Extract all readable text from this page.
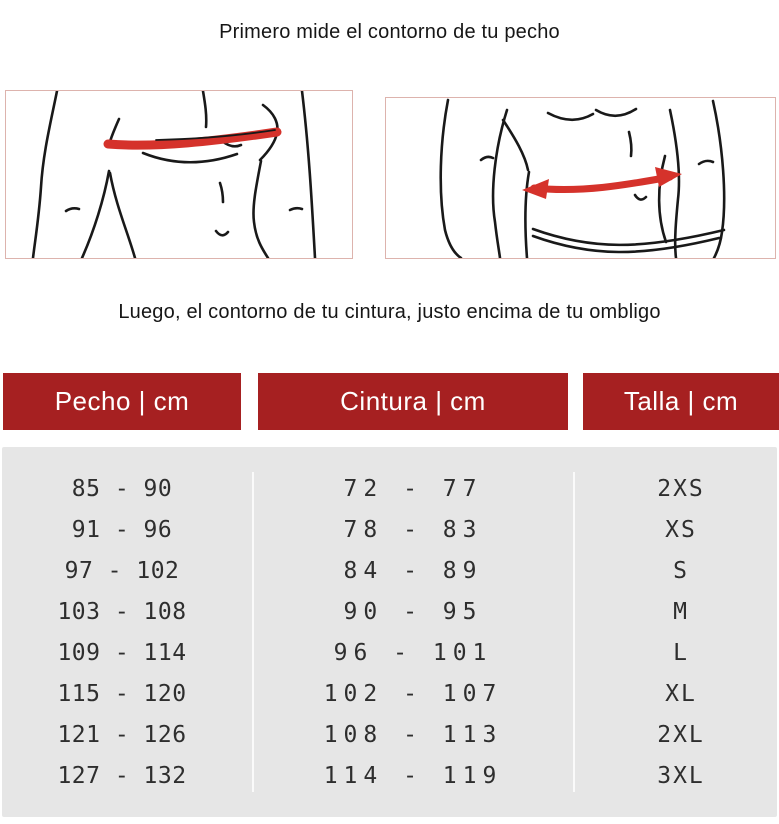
Primero mide el contorno de tu pecho
Luego, el contorno de tu cintura, justo encima de tu ombligo
Pecho | cm	Cintura | cm	Talla | cm
85 - 90
91 - 96
97 - 102
103 - 108
109 - 114
115 - 120
121 - 126
127 - 132
72 - 77
78 - 83
84 - 89
90 - 95
96 - 101
102 - 107
108 - 113
114 - 119
2XS
XS
S
M
L
XL
2XL
3XL
